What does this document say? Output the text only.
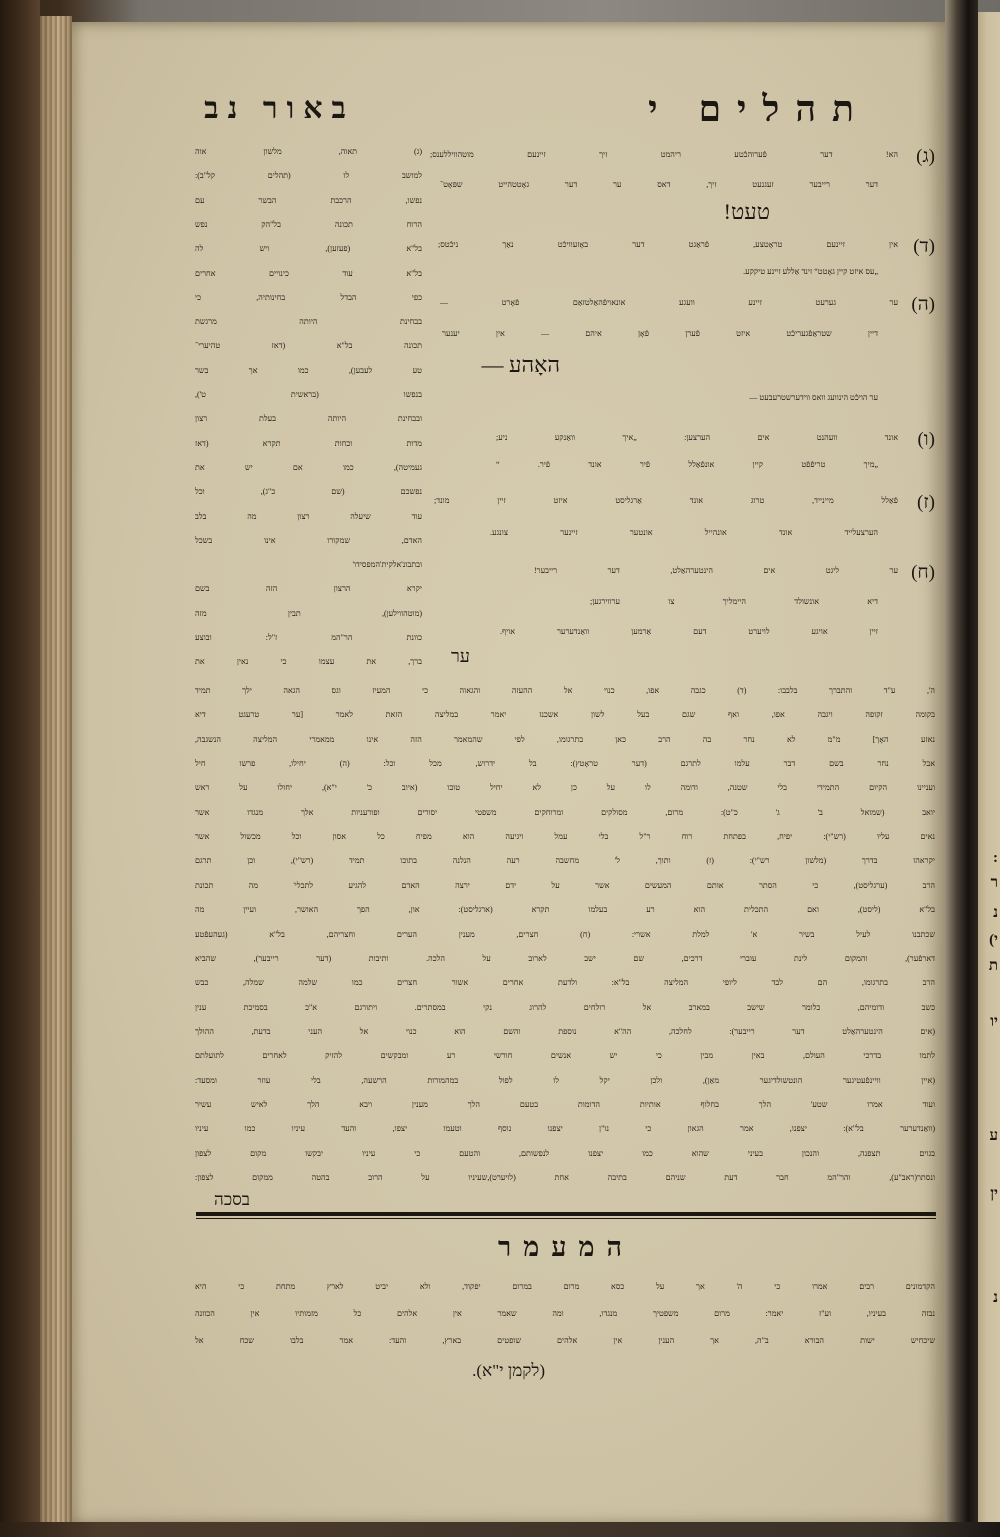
:
ר
נ
י)
ת
יו
ע
ין
נ
תהלים י
באור נב
(ג)
הא! דער פֿערוהכֿטע ריהמט זיך זיינעם מוטהוויללענס;
דער רייבער זעגנעט זיך, דאס ער דער גאָטטהייט שפּאָט־
טעט!
(ד)
אין זיינעם טראָטצע, פֿראַגט דער באָזעוויכֿט נאַך ניכֿטס;
„עס איזט קיין גאָטט“ זינד אַללע זיינע טיקקע.
(ה)
ער גערעט זיינע וועגע אונאויפֿהאַלטזאַם פֿאָרט —
דיין שטראַפֿגעריכֿט איזט פֿערן פֿאָן איהם — אין יענער
האָהע —
ער הויכֿט הינוועג וואס ווידערשטרעבעט —
(ו)
אונד וועהנט אים הערצען: „איך וואַנקע ניע;
„מיך טריפֿפֿט קיין אונפֿאַלל פֿיר אונד פֿיר. “
(ז)
פֿאַלל מיינייד, טרוג אונד אַרגליסט איזט זיין מונד;
הערצעלייד אונד אונהייל אונטער זיינער צונגע.
(ח)
ער ליגט אים הינטערהאַלט, דער רייבער!
דיא אונשולד היימליך צו ערווירגען;
זיין אויגע לויערט דעם אַרמען וואַנדערער אויף.
ער
(ג) תאוה, מלשון אוה
למושב לו (תהלים קל"ב):
נפשו, הרכבת הבשר עם
הרוח תכונה בל"הק נפש
בל"א (פעזען), ויש לה
בל"א עוד כינויים אחרים
כפי הבדל בחינותיה, כי
בבחינת היותה מרגשת
תכונה בל"א (דאז טהיערי־
טע לעבען), כמו אך בשר
בנפשו (בראשית ט'),
ובבחינת היותה בעלת רצון
מדות וכחות תקרא (דאז
געמיטה), כמו אם יש את
נפשכם (שם כ"ג), וכל
עוד שיעלה רצון מה בלב
האדם, שמקורו אינו בשכל
ובתבונ'אלקית'המפסידו'
יקרא הרצון הזה בשם
(מוטהווילען), תבין מזה
כוונת הר"המ ז"ל: ובוצע
ברך, את עצמו כי נאין את
ה', ע"ד והתברך בלבבו: (ד) כגבה אפו, כנוי אל ההעזה והגאוה כי המעיז וגס הגאה ילך תמיד
בקומה זקופה ויגבה אפו, ואף שגם בעל לשון אשכנז יאמר במליצה הזאת לאמר [ער טרעגט דיא
נאזע האָך] מ"מ לא נחר בה הרב כאן בתרגומו, לפי שהמאמר הזה אינו ממאמרי המליצה הנשגבה,
אבל נחר בשם דבר עלמו לתרגם (דער טראָטץ): בל ידרוש, מכל וכל: (ה) יחילו, פרשו חיל
ועניינו הקיום התמידי בלי שטנה, ודומה לו על כן לא יחיל טובו (איוב כ' י"א), יחולו על ראש
יואב (שמואל ב' ג' כ"ט): מרום, מסולקים ומרוחקים משפטי יסורים ופורעניות אלך מנגדו אשר
נאים עליו (רש"י): יפיח, בפתחת רוח ר"ל בלי עמל ויגיעה הוא מפיח כל אסון וכל מכשול אשר
יקראהו בדרך (מלשון רש"י): (ז) ותוך, ל' מחשבה רעה הנלנה בתוכו תמיד (רש"י), וכן תרגם
הרב (ערגליסט), כי הסתר אותם המעשים אשר על ידם ירצה האדם להגיע לתכלי' מה תכונת
בל"א (ליסט), ואם התכלית הוא רע בעלמו תקרא (ארגליסט): און, הפך האושר, ועיין מה
שכתבנו לעיל בשיר א' למלת אשרי: (ח) חצרים, מענין הערים וחצריהם, בל"א (געהעפֿטע
דארפֿער), והמקום לינת עוברי דרכים, שם ישב לארוב על הלכה. ותיבות (דער רייבער), שהביא
הרב בתרגומו, הם לבד ליופי המליצה בל"א: ולדעת אחרים אשור חצרים כמו שלמה שמלה, כבש
כשב ודומיהם, כלומר שישב במארב אל רולחים להרוג נקי במסתרים. ויתורגם א"כ בסמיכת ענין
(אים הינטערהאַלט דער רייבער): לחלכה, הה"א נוספת והשם הוא כנוי אל העני בדעת, ההולך
לתמו בדרכי העולם, באין מבין כי יש אנשים חורשי רע ומבקשים להזיק לאחרים לתועלתם
(איין וויינפֿעטיגער הונטשולדיגער מאַן), ולכן יקל לו לפול במהמורות הרשעה, בלי עוזר ומסעד:
ועוד אמרו שטע' הלך בחלוף אותיות הדומות בטעם הלך מענין ויבא הלך לאיש עשיר
(וואַנדערער בל"א): יצפנו, אמר הגאון כי נו"ן יצפנו נוסף וטעמו יצפו, והעד עיניו כמו עיניו
בגוים תצפנה, והנכון בעיני שהוא כמו יצפנו לנפשותם, והטעם כי עיניו יבקשו מקום לצפון
ונסתר(ראב"ע), והר"המ חבר דעת שניהם בתיבה אחת (לויערט),שעיניו על הרוב בהטה ממקום לצפון:
בסכה
המעמר
הקדמונים רבים אמרו כי ה' אך על כסא מרום במרום יפקוד, ולא יביט לארץ מתחת כי היא
נבזה בעיניו, וע"ז יאמר: מרום משפטיך מנגדו, ומה שאמר אין אלהים כל מזמותיו אין הכוונה
שיכחיש ישות הבורא ב"ה, אך הענין אין אלהים שופטים בארץ, והעד: אמר בלבו שכח אל
(לקמן י"א).
